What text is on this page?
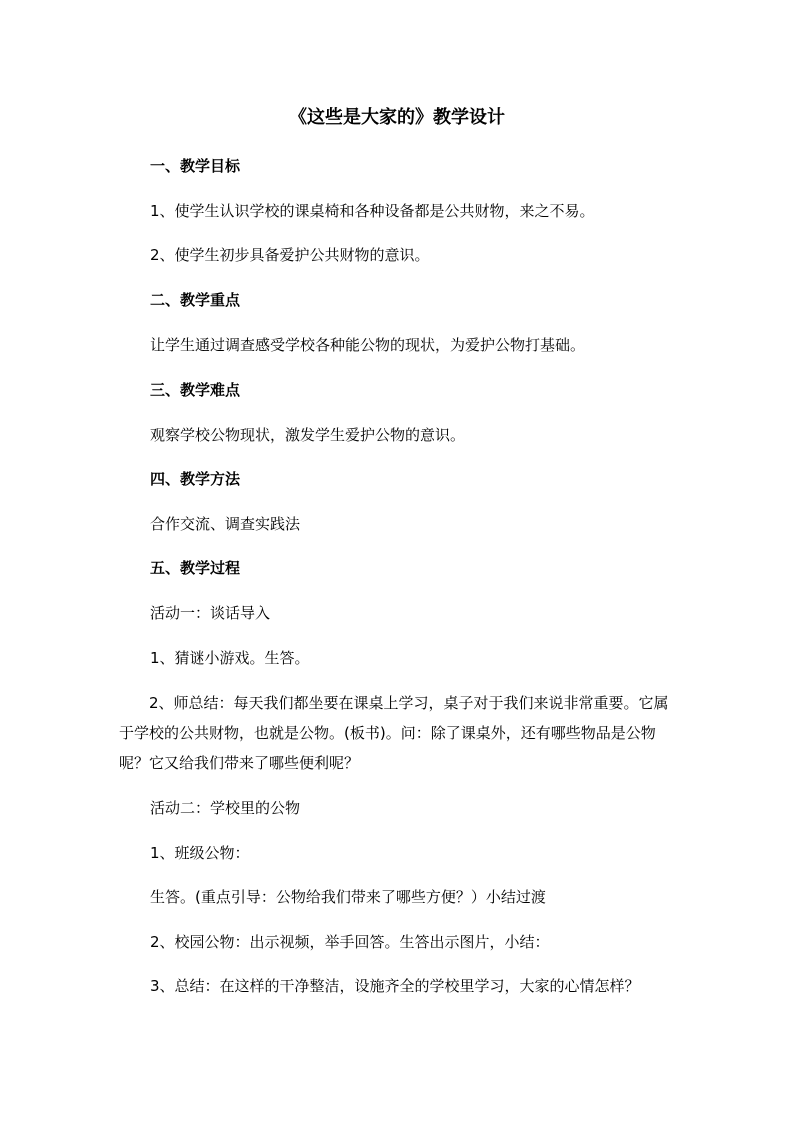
《这些是大家的》教学设计

一、教学目标

1、使学生认识学校的课桌椅和各种设备都是公共财物，来之不易。

2、使学生初步具备爱护公共财物的意识。

二、教学重点

让学生通过调查感受学校各种能公物的现状，为爱护公物打基础。

三、教学难点

观察学校公物现状，激发学生爱护公物的意识。

四、教学方法

合作交流、调查实践法

五、教学过程

活动一：谈话导入

1、猜谜小游戏。生答。

2、师总结：每天我们都坐要在课桌上学习，桌子对于我们来说非常重要。它属于学校的公共财物，也就是公物。(板书)。问：除了课桌外，还有哪些物品是公物呢？它又给我们带来了哪些便利呢？

活动二：学校里的公物

1、班级公物：

生答。(重点引导：公物给我们带来了哪些方便？）小结过渡

2、校园公物：出示视频，举手回答。生答出示图片，小结：

3、总结：在这样的干净整洁，设施齐全的学校里学习，大家的心情怎样？
